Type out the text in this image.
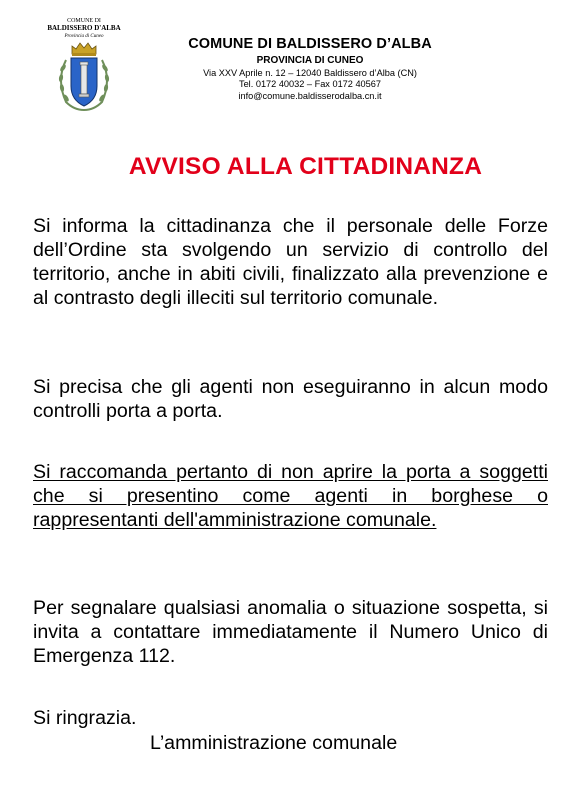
COMUNE DI
BALDISSERO D'ALBA
Provincia di Cuneo	COMUNE DI BALDISSERO D’ALBA
PROVINCIA DI CUNEO
Via XXV Aprile n. 12 – 12040 Baldissero d’Alba (CN)
Tel. 0172 40032 – Fax 0172 40567
info@comune.baldisserodalba.cn.it
AVVISO ALLA CITTADINANZA

Si informa la cittadinanza che il personale delle Forze dell’Ordine sta svolgendo un servizio di controllo del territorio, anche in abiti civili, finalizzato alla prevenzione e al contrasto degli illeciti sul territorio comunale.

Si precisa che gli agenti non eseguiranno in alcun modo controlli porta a porta.

Si raccomanda pertanto di non aprire la porta a soggetti che si presentino come agenti in borghese o rappresentanti dell'amministrazione comunale.

Per segnalare qualsiasi anomalia o situazione sospetta, si invita a contattare immediatamente il Numero Unico di Emergenza 112.

Si ringrazia.
L’amministrazione comunale
